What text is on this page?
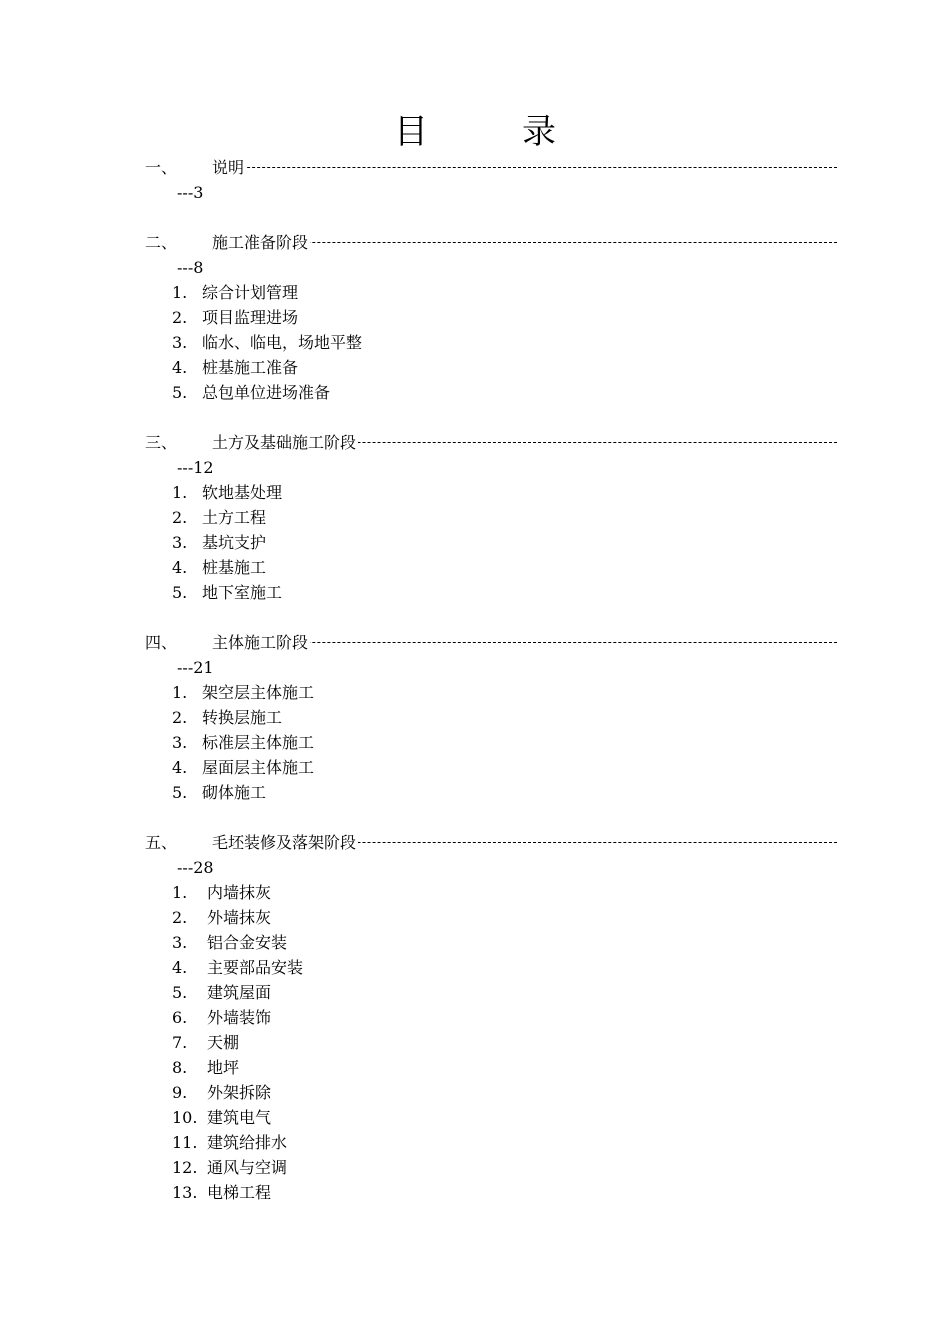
目　录
一、 说明
---3
二、 施工准备阶段
---8
1. 综合计划管理
2. 项目监理进场
3. 临水、临电，场地平整
4. 桩基施工准备
5. 总包单位进场准备
三、 土方及基础施工阶段
---12
1. 软地基处理
2. 土方工程
3. 基坑支护
4. 桩基施工
5. 地下室施工
四、 主体施工阶段
---21
1. 架空层主体施工
2. 转换层施工
3. 标准层主体施工
4. 屋面层主体施工
5. 砌体施工
五、 毛坯装修及落架阶段
---28
1. 内墙抹灰
2. 外墙抹灰
3. 铝合金安装
4. 主要部品安装
5. 建筑屋面
6. 外墙装饰
7. 天棚
8. 地坪
9. 外架拆除
10. 建筑电气
11. 建筑给排水
12. 通风与空调
13. 电梯工程
